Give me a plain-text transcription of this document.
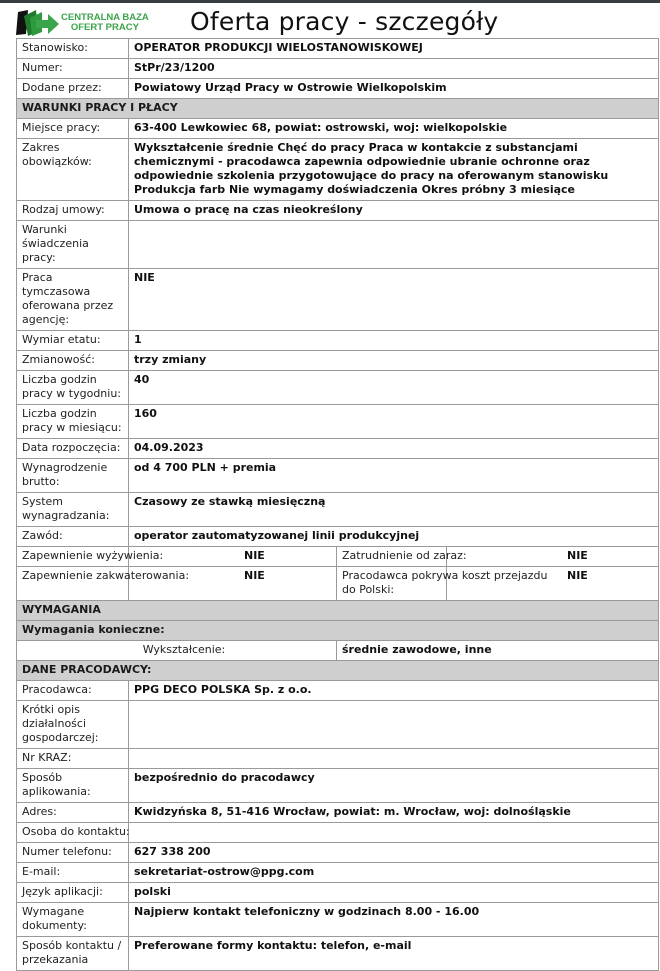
CENTRALNA BAZA
OFERT PRACY	Oferta pracy - szczegóły
Stanowisko:	OPERATOR PRODUKCJI WIELOSTANOWISKOWEJ		
Numer:	StPr/23/1200		
Dodane przez:	Powiatowy Urząd Pracy w Ostrowie Wielkopolskim		
WARUNKI PRACY I PŁACY			
Miejsce pracy:	63-400 Lewkowiec 68, powiat: ostrowski, woj: wielkopolskie		
Zakres obowiązków:	Wykształcenie średnie Chęć do pracy Praca w kontakcie z substancjami chemicznymi - pracodawca zapewnia odpowiednie ubranie ochronne oraz odpowiednie szkolenia przygotowujące do pracy na oferowanym stanowisku Produkcja farb Nie wymagamy doświadczenia Okres próbny 3 miesiące		
Rodzaj umowy:	Umowa o pracę na czas nieokreślony		
Warunki świadczenia pracy:			
Praca tymczasowa oferowana przez agencję:	NIE		
Wymiar etatu:	1		
Zmianowość:	trzy zmiany		
Liczba godzin pracy w tygodniu:	40		
Liczba godzin pracy w miesiącu:	160		
Data rozpoczęcia:	04.09.2023		
Wynagrodzenie brutto:	od 4 700 PLN + premia		
System wynagradzania:	Czasowy ze stawką miesięczną		
Zawód:	operator zautomatyzowanej linii produkcyjnej		
Zapewnienie wyżywienia:	NIE	Zatrudnienie od zaraz:	NIE
Zapewnienie zakwaterowania:	NIE	Pracodawca pokrywa koszt przejazdu do Polski:	NIE
WYMAGANIA			
Wymagania konieczne:			
Wykształcenie:		średnie zawodowe, inne	
DANE PRACODAWCY:			
Pracodawca:	PPG DECO POLSKA Sp. z o.o.		
Krótki opis działalności gospodarczej:			
Nr KRAZ:			
Sposób aplikowania:	bezpośrednio do pracodawcy		
Adres:	Kwidzyńska 8, 51-416 Wrocław, powiat: m. Wrocław, woj: dolnośląskie		
Osoba do kontaktu:			
Numer telefonu:	627 338 200		
E-mail:	sekretariat-ostrow@ppg.com		
Język aplikacji:	polski		
Wymagane dokumenty:	Najpierw kontakt telefoniczny w godzinach 8.00 - 16.00		
Sposób kontaktu / przekazania	Preferowane formy kontaktu: telefon, e-mail		
